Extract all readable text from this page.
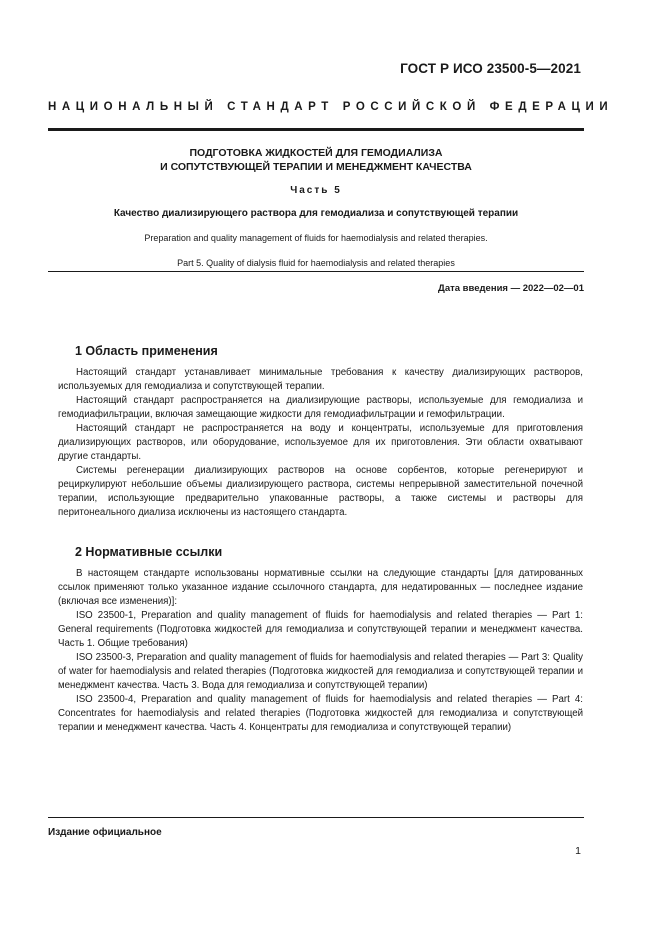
ГОСТ Р ИСО 23500-5—2021
НАЦИОНАЛЬНЫЙ СТАНДАРТ РОССИЙСКОЙ ФЕДЕРАЦИИ
ПОДГОТОВКА ЖИДКОСТЕЙ ДЛЯ ГЕМОДИАЛИЗА
И СОПУТСТВУЮЩЕЙ ТЕРАПИИ И МЕНЕДЖМЕНТ КАЧЕСТВА
Часть 5
Качество диализирующего раствора для гемодиализа и сопутствующей терапии
Preparation and quality management of fluids for haemodialysis and related therapies.
Part 5. Quality of dialysis fluid for haemodialysis and related therapies
Дата введения — 2022—02—01
1 Область применения

Настоящий стандарт устанавливает минимальные требования к качеству диализирующих растворов, используемых для гемодиализа и сопутствующей терапии.

Настоящий стандарт распространяется на диализирующие растворы, используемые для гемодиализа и гемодиафильтрации, включая замещающие жидкости для гемодиафильтрации и гемофильтрации.

Настоящий стандарт не распространяется на воду и концентраты, используемые для приготовления диализирующих растворов, или оборудование, используемое для их приготовления. Эти области охватывают другие стандарты.

Системы регенерации диализирующих растворов на основе сорбентов, которые регенерируют и рециркулируют небольшие объемы диализирующего раствора, системы непрерывной заместительной почечной терапии, использующие предварительно упакованные растворы, а также системы и растворы для перитонеального диализа исключены из настоящего стандарта.

2 Нормативные ссылки

В настоящем стандарте использованы нормативные ссылки на следующие стандарты [для датированных ссылок применяют только указанное издание ссылочного стандарта, для недатированных — последнее издание (включая все изменения)]:

ISO 23500-1, Preparation and quality management of fluids for haemodialysis and related therapies — Part 1: General requirements (Подготовка жидкостей для гемодиализа и сопутствующей терапии и менеджмент качества. Часть 1. Общие требования)

ISO 23500-3, Preparation and quality management of fluids for haemodialysis and related therapies — Part 3: Quality of water for haemodialysis and related therapies (Подготовка жидкостей для гемодиализа и сопутствующей терапии и менеджмент качества. Часть 3. Вода для гемодиализа и сопутствующей терапии)

ISO 23500-4, Preparation and quality management of fluids for haemodialysis and related therapies — Part 4: Concentrates for haemodialysis and related therapies (Подготовка жидкостей для гемодиализа и сопутствующей терапии и менеджмент качества. Часть 4. Концентраты для гемодиализа и сопутствующей терапии)

Издание официальное
1
